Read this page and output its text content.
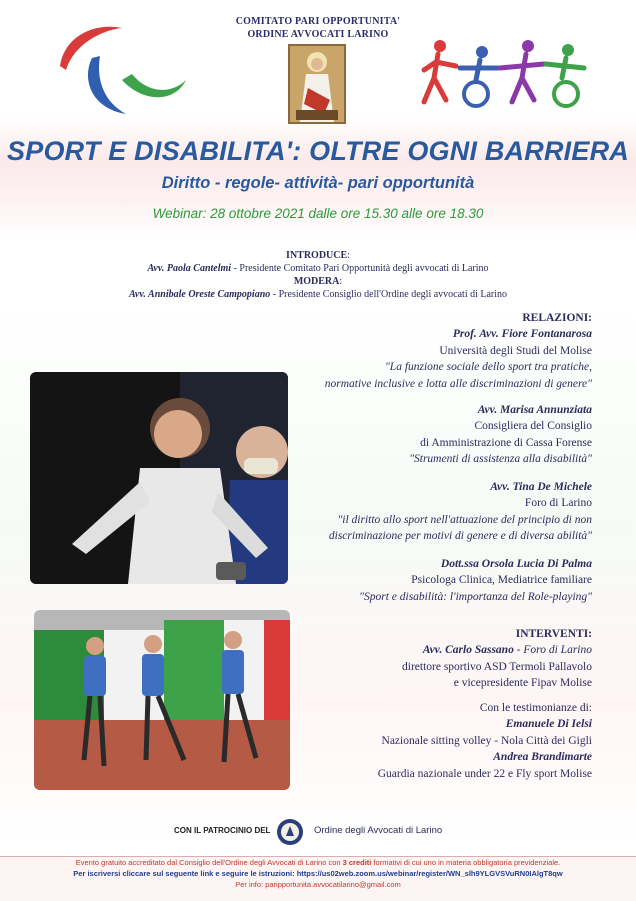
COMITATO PARI OPPORTUNITA'
ORDINE AVVOCATI LARINO
SPORT E DISABILITA': OLTRE OGNI BARRIERA
Diritto - regole- attività- pari opportunità
Webinar: 28 ottobre 2021 dalle ore 15.30 alle ore 18.30
INTRODUCE:
Avv. Paola Cantelmi - Presidente Comitato Pari Opportunità degli avvocati di Larino
MODERA:
Avv. Annibale Oreste Campopiano - Presidente Consiglio dell'Ordine degli avvocati di Larino
RELAZIONI:
Prof. Avv. Fiore Fontanarosa
Università degli Studi del Molise
"La funzione sociale dello sport tra pratiche,
normative inclusive e lotta alle discriminazioni di genere"
Avv. Marisa Annunziata
Consigliera del Consiglio
di Amministrazione di Cassa Forense
"Strumenti di assistenza alla disabilità"
Avv. Tina De Michele
Foro di Larino
"il diritto allo sport nell'attuazione del principio di non
discriminazione per motivi di genere e di diversa abilità"
Dott.ssa Orsola Lucia Di Palma
Psicologa Clinica, Mediatrice familiare
"Sport e disabilità: l'importanza del Role-playing"
INTERVENTI:
Avv. Carlo Sassano - Foro di Larino
direttore sportivo ASD Termoli Pallavolo
e vicepresidente Fipav Molise
Con le testimonianze di:
Emanuele Di Ielsi
Nazionale sitting volley - Nola Città dei Gigli
Andrea Brandimarte
Guardia nazionale under 22 e Fly sport Molise
CON IL PATROCINIO DEL	Ordine degli Avvocati di Larino
Evento gratuito accreditato dal Consiglio dell'Ordine degli Avvocati di Larino con 3 crediti formativi di cui uno in materia obbligatoria previdenziale.
Per iscriversi cliccare sul seguente link e seguire le istruzioni: https://us02web.zoom.us/webinar/register/WN_slh9YLGVSVuRN0IAlgT8qw
Per info: paripportunita.avvocatilarino@gmail.com
